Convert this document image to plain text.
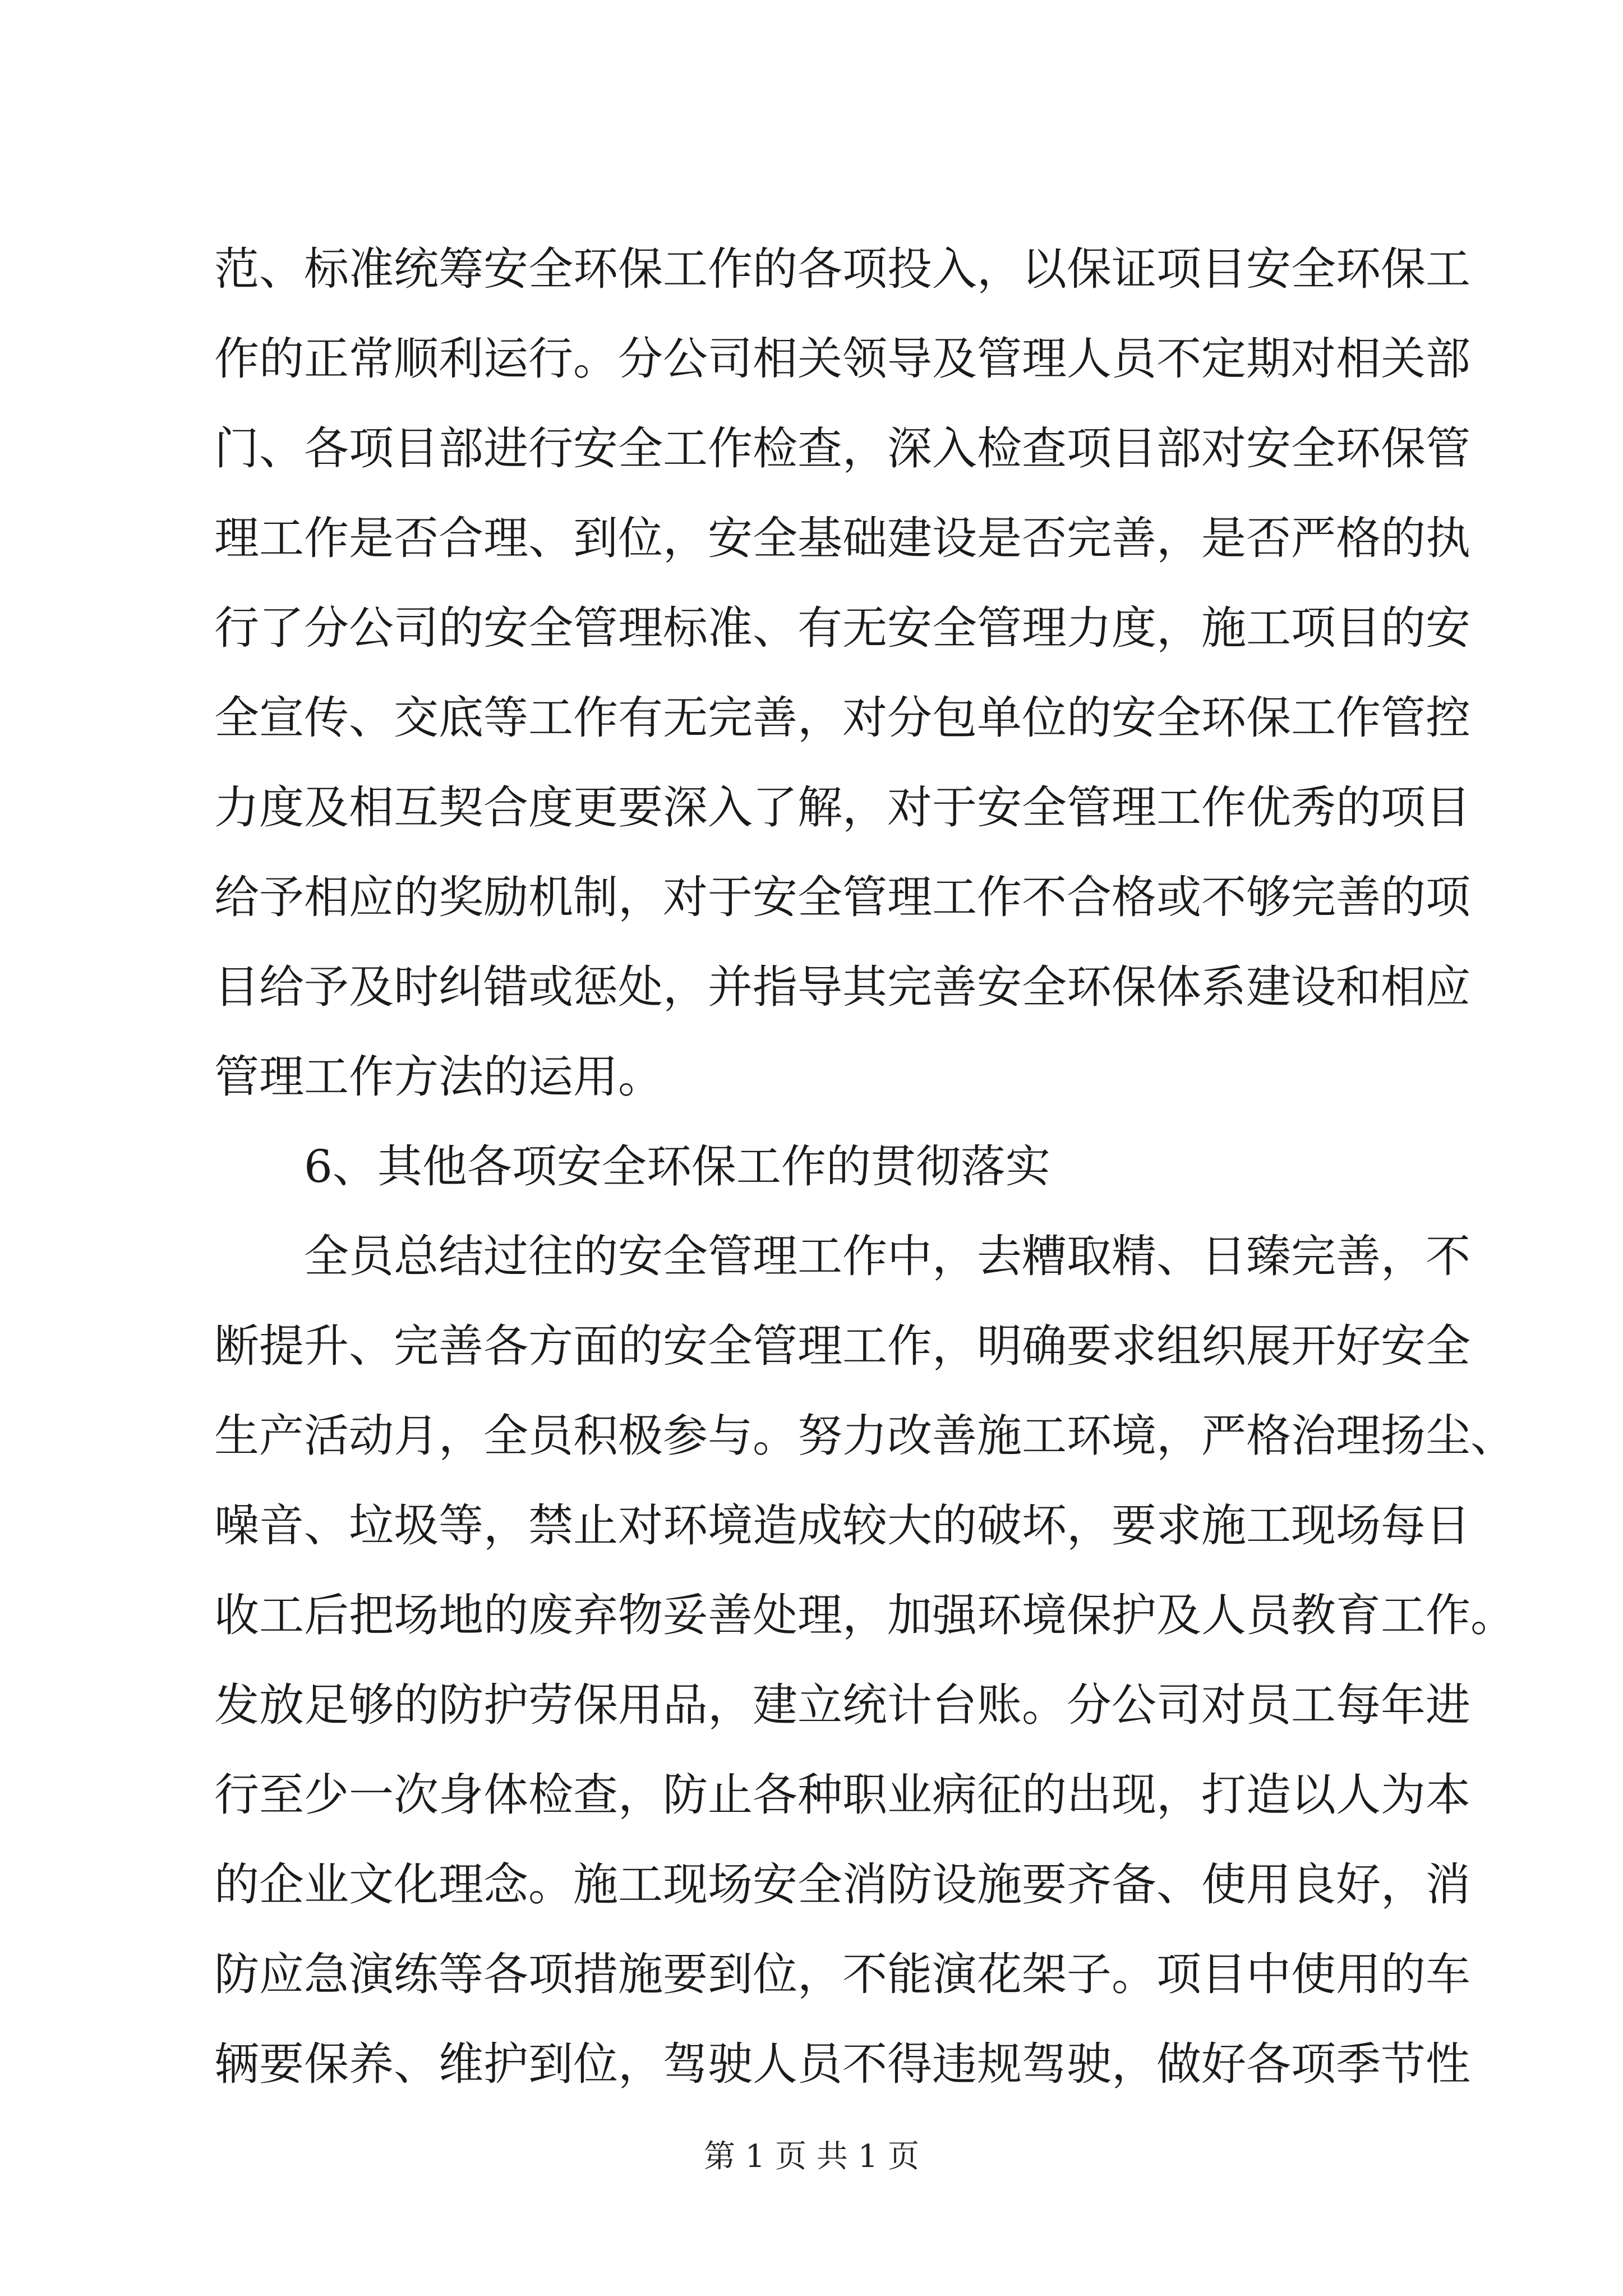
范、标准统筹安全环保工作的各项投入，以保证项目安全环保工
作的正常顺利运行。分公司相关领导及管理人员不定期对相关部
门、各项目部进行安全工作检查，深入检查项目部对安全环保管
理工作是否合理、到位，安全基础建设是否完善，是否严格的执
行了分公司的安全管理标准、有无安全管理力度，施工项目的安
全宣传、交底等工作有无完善，对分包单位的安全环保工作管控
力度及相互契合度更要深入了解，对于安全管理工作优秀的项目
给予相应的奖励机制，对于安全管理工作不合格或不够完善的项
目给予及时纠错或惩处，并指导其完善安全环保体系建设和相应
管理工作方法的运用。
6、其他各项安全环保工作的贯彻落实
全员总结过往的安全管理工作中，去糟取精、日臻完善，不
断提升、完善各方面的安全管理工作，明确要求组织展开好安全
生产活动月，全员积极参与。努力改善施工环境，严格治理扬尘、
噪音、垃圾等，禁止对环境造成较大的破坏，要求施工现场每日
收工后把场地的废弃物妥善处理，加强环境保护及人员教育工作。
发放足够的防护劳保用品，建立统计台账。分公司对员工每年进
行至少一次身体检查，防止各种职业病征的出现，打造以人为本
的企业文化理念。施工现场安全消防设施要齐备、使用良好，消
防应急演练等各项措施要到位，不能演花架子。项目中使用的车
辆要保养、维护到位，驾驶人员不得违规驾驶，做好各项季节性
第 1 页 共 1 页
